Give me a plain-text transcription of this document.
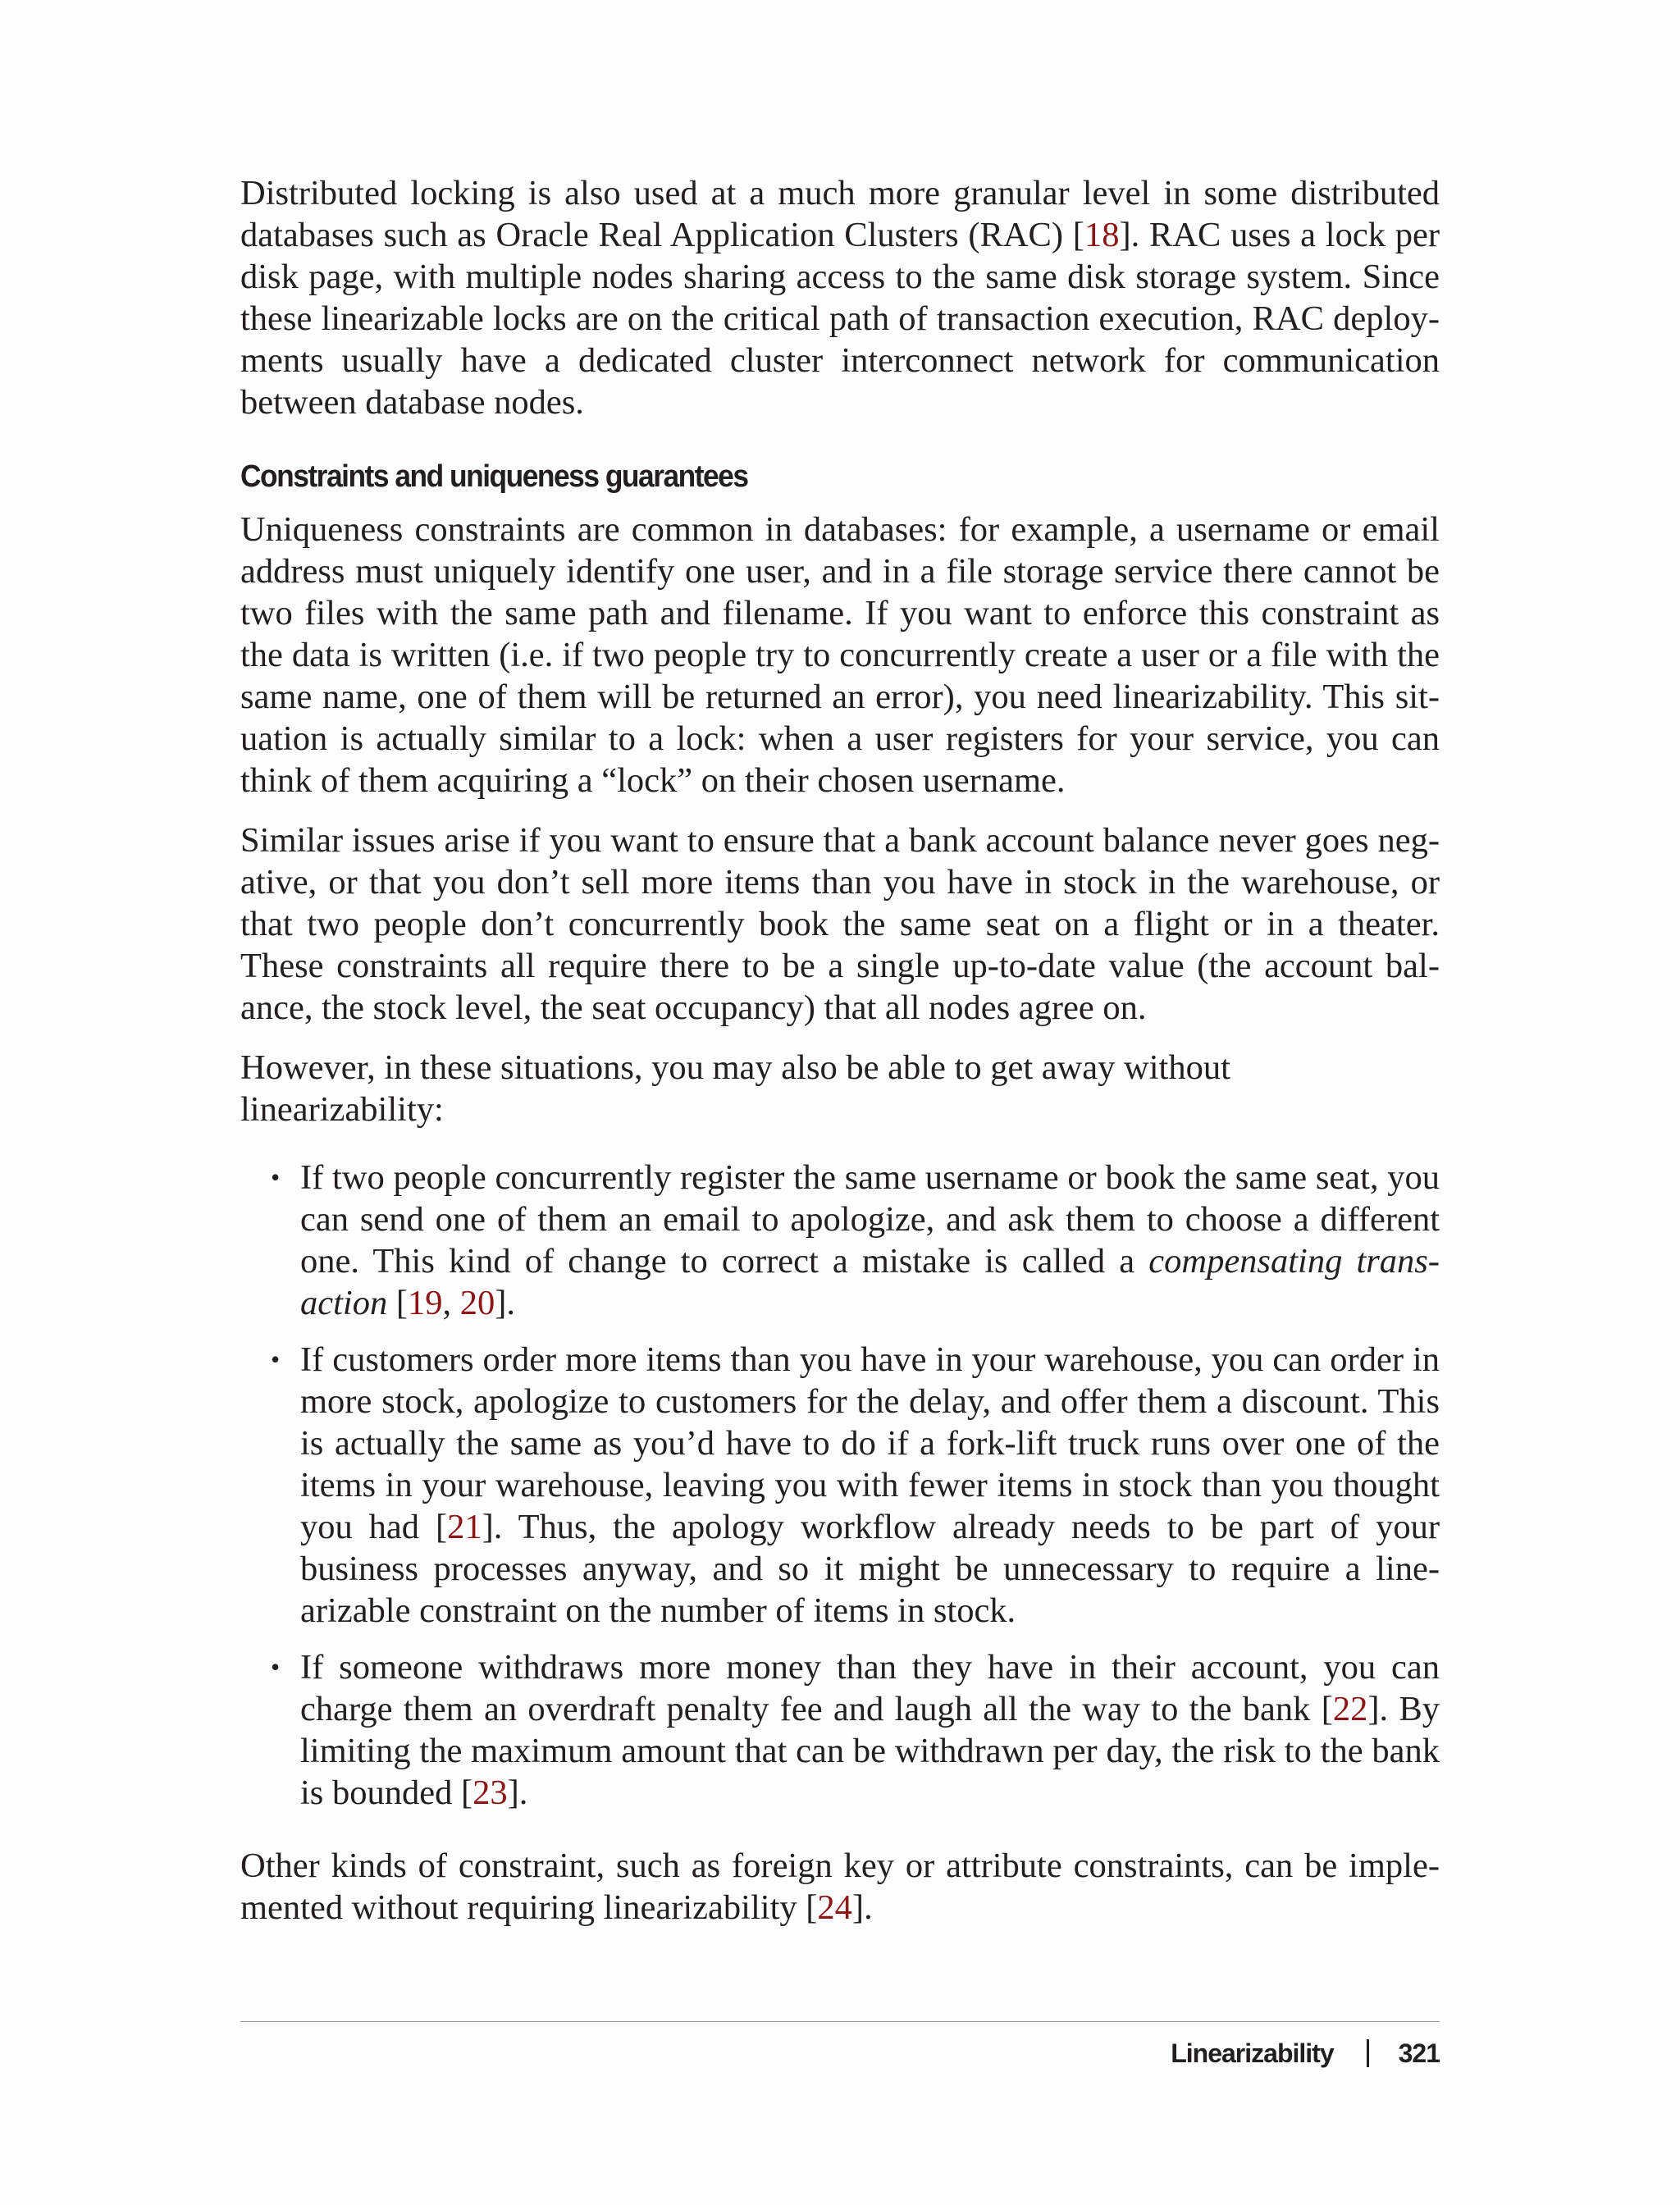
Distributed locking is also used at a much more granular level in some distributed databases such as Oracle Real Application Clusters (RAC) [18]. RAC uses a lock per disk page, with multiple nodes sharing access to the same disk storage system. Since these linearizable locks are on the critical path of transaction execution, RAC deployments usually have a dedicated cluster interconnect network for communication between database nodes.

Constraints and uniqueness guarantees

Uniqueness constraints are common in databases: for example, a username or email address must uniquely identify one user, and in a file storage service there cannot be two files with the same path and filename. If you want to enforce this constraint as the data is written (i.e. if two people try to concurrently create a user or a file with the same name, one of them will be returned an error), you need linearizability. This situation is actually similar to a lock: when a user registers for your service, you can think of them acquiring a “lock” on their chosen username.

Similar issues arise if you want to ensure that a bank account balance never goes negative, or that you don’t sell more items than you have in stock in the warehouse, or that two people don’t concurrently book the same seat on a flight or in a theater. These constraints all require there to be a single up-to-date value (the account balance, the stock level, the seat occupancy) that all nodes agree on.

However, in these situations, you may also be able to get away without linearizability:

• If two people concurrently register the same username or book the same seat, you can send one of them an email to apologize, and ask them to choose a different one. This kind of change to correct a mistake is called a compensating transaction [19, 20].
• If customers order more items than you have in your warehouse, you can order in more stock, apologize to customers for the delay, and offer them a discount. This is actually the same as you’d have to do if a fork-lift truck runs over one of the items in your warehouse, leaving you with fewer items in stock than you thought you had [21]. Thus, the apology workflow already needs to be part of your business processes anyway, and so it might be unnecessary to require a linearizable constraint on the number of items in stock.
• If someone withdraws more money than they have in their account, you can charge them an overdraft penalty fee and laugh all the way to the bank [22]. By limiting the maximum amount that can be withdrawn per day, the risk to the bank is bounded [23].

Other kinds of constraint, such as foreign key or attribute constraints, can be implemented without requiring linearizability [24].

Linearizability 321
